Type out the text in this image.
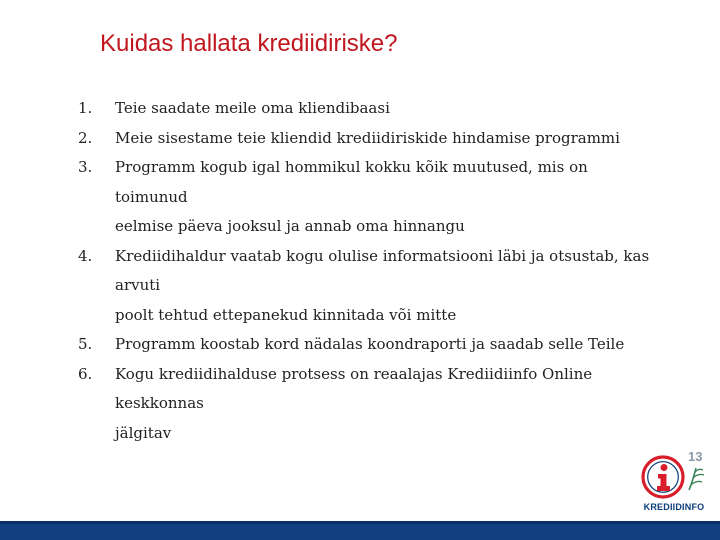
Kuidas hallata krediidiriske?
1.	Teie saadate meile oma kliendibaasi
2.	Meie sisestame teie kliendid krediidiriskide hindamise programmi
3.	Programm kogub igal hommikul kokku kõik muutused, mis on toimunud
eelmise päeva jooksul ja annab oma hinnangu
4.	Krediidihaldur vaatab kogu olulise informatsiooni läbi ja otsustab, kas arvuti
poolt tehtud ettepanekud kinnitada või mitte
5.	Programm koostab kord nädalas koondraporti ja saadab selle Teile
6.	Kogu krediidihalduse protsess on reaalajas Krediidiinfo Online keskkonnas
jälgitav
13
KREDIIDINFO
